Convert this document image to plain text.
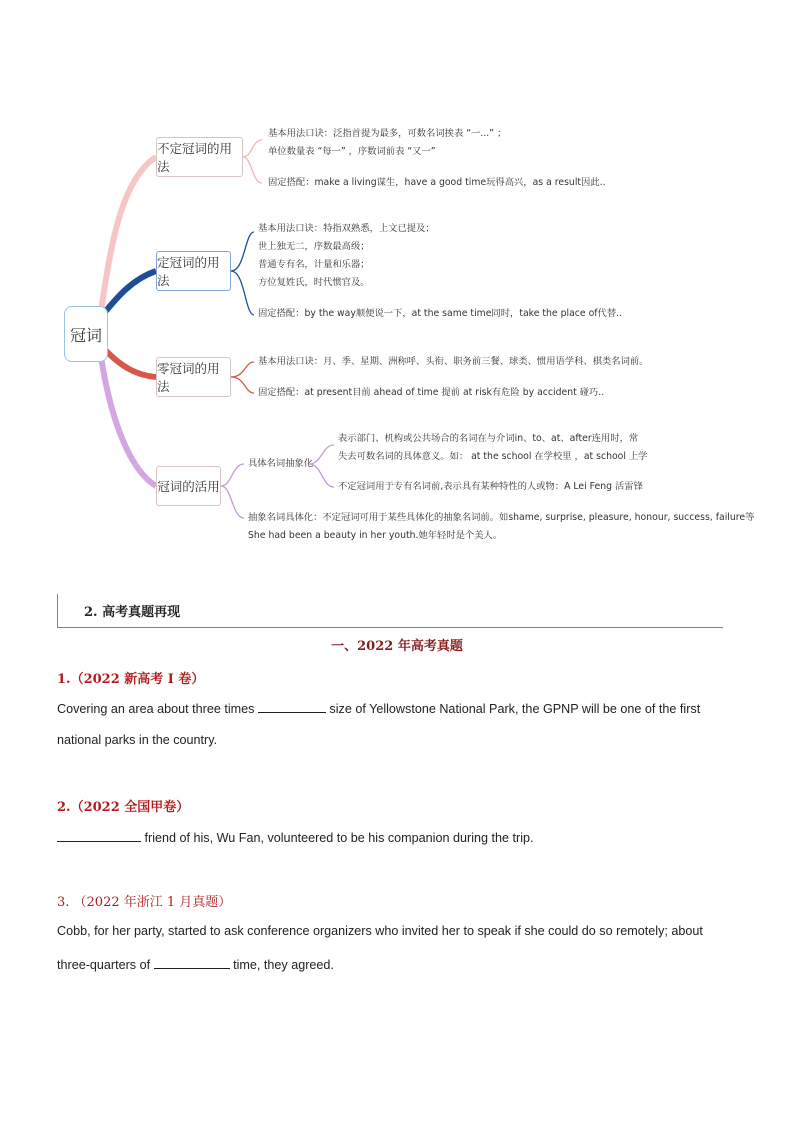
冠词
不定冠词的用法
定冠词的用法
零冠词的用法
冠词的活用
基本用法口诀：泛指首提为最多，可数名词挨表 “一...” ；
单位数量表 “每一” ，序数词前表 “又一”
固定搭配：make a living谋生，have a good time玩得高兴，as a result因此..
基本用法口诀：特指双熟悉，上文已提及；
世上独无二，序数最高级；
普通专有名，计量和乐器；
方位复姓氏，时代惯官及。
固定搭配：by the way顺便说一下，at the same time同时，take the place of代替..
基本用法口诀：月、季、星期、洲称呼、头衔、职务前三餐、球类、惯用语学科、棋类名词前。
固定搭配：at present目前 ahead of time 提前 at risk有危险 by accident 碰巧..
具体名词抽象化
表示部门、机构或公共场合的名词在与介词in、to、at、after连用时，常
失去可数名词的具体意义。如： at the school 在学校里 ，at school 上学
不定冠词用于专有名词前,表示具有某种特性的人或物：A Lei Feng 活雷锋
抽象名词具体化：不定冠词可用于某些具体化的抽象名词前。如shame, surprise, pleasure, honour, success, failure等
She had been a beauty in her youth.她年轻时是个美人。
2. 高考真题再现
一、2022 年高考真题
1.（2022 新高考 I 卷）
Covering an area about three times	size of Yellowstone National Park, the GPNP will be one of the first
national parks in the country.
2.（2022 全国甲卷）
friend of his, Wu Fan, volunteered to be his companion during the trip.
3. （2022 年浙江 1 月真题）
Cobb, for her party, started to ask conference organizers who invited her to speak if she could do so remotely; about
three-quarters of	time, they agreed.
